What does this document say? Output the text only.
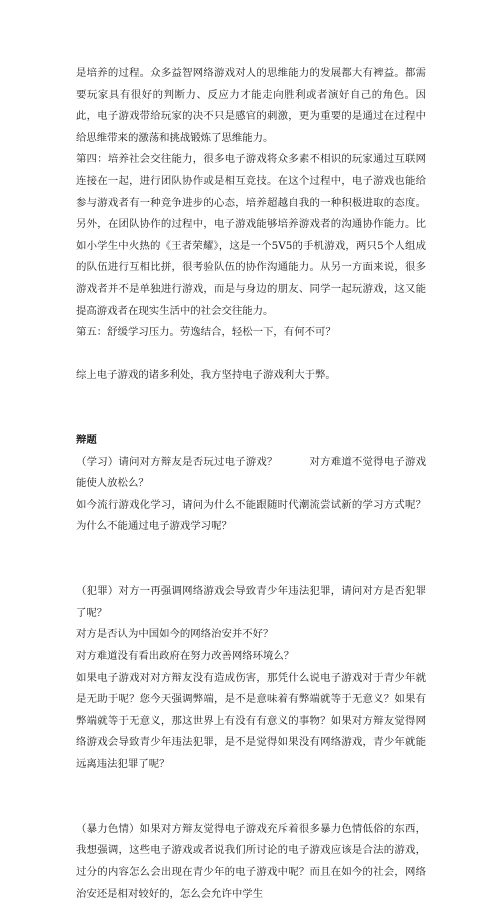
是培养的过程。众多益智网络游戏对人的思维能力的发展都大有裨益。都需要玩家具有很好的判断力、反应力才能走向胜利或者演好自己的角色。因此，电子游戏带给玩家的决不只是感官的刺激，更为重要的是通过在过程中给思维带来的激荡和挑战锻炼了思维能力。

第四：培养社会交往能力，很多电子游戏将众多素不相识的玩家通过互联网连接在一起，进行团队协作或是相互竞技。在这个过程中，电子游戏也能给参与游戏者有一种竞争进步的心态，培养超越自我的一种积极进取的态度。另外，在团队协作的过程中，电子游戏能够培养游戏者的沟通协作能力。比如小学生中火热的《王者荣耀》，这是一个5V5的手机游戏，两只5个人组成的队伍进行互相比拼，很考验队伍的协作沟通能力。从另一方面来说，很多游戏者并不是单独进行游戏，而是与身边的朋友、同学一起玩游戏，这又能提高游戏者在现实生活中的社会交往能力。

第五：舒缓学习压力。劳逸结合，轻松一下，有何不可？

综上电子游戏的诸多利处，我方坚持电子游戏利大于弊。

辩题

（学习）请问对方辩友是否玩过电子游戏？　　　对方难道不觉得电子游戏能使人放松么？

如今流行游戏化学习，请问为什么不能跟随时代潮流尝试新的学习方式呢？为什么不能通过电子游戏学习呢？

（犯罪）对方一再强调网络游戏会导致青少年违法犯罪，请问对方是否犯罪了呢？

对方是否认为中国如今的网络治安并不好？

对方难道没有看出政府在努力改善网络环境么？

如果电子游戏对对方辩友没有造成伤害，那凭什么说电子游戏对于青少年就是无助于呢？您今天强调弊端，是不是意味着有弊端就等于无意义？如果有弊端就等于无意义，那这世界上有没有有意义的事物？如果对方辩友觉得网络游戏会导致青少年违法犯罪，是不是觉得如果没有网络游戏，青少年就能远离违法犯罪了呢？

（暴力色情）如果对方辩友觉得电子游戏充斥着很多暴力色情低俗的东西，我想强调，这些电子游戏或者说我们所讨论的电子游戏应该是合法的游戏，过分的内容怎么会出现在青少年的电子游戏中呢？而且在如今的社会，网络治安还是相对较好的，怎么会允许中学生
